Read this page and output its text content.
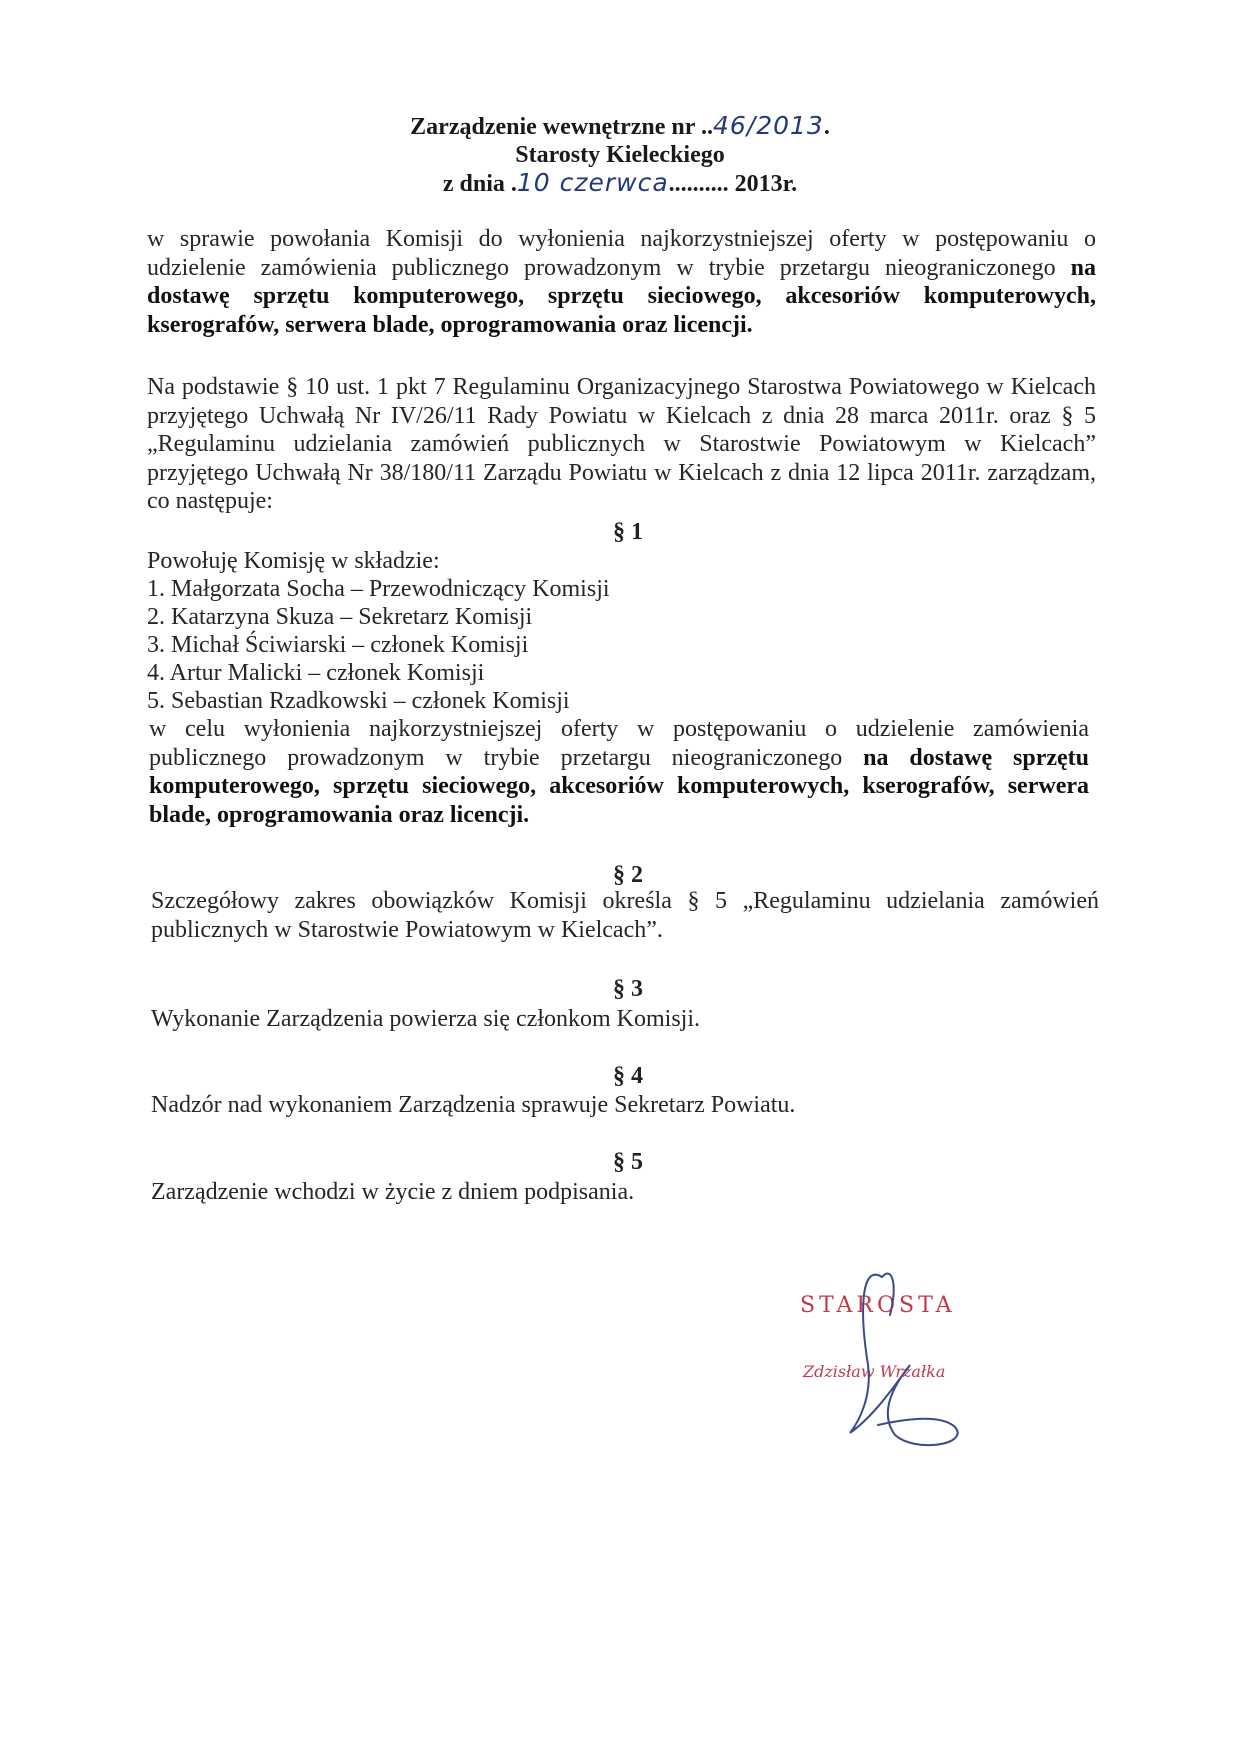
Zarządzenie wewnętrzne nr ..46/2013.
Starosty Kieleckiego
z dnia .10 czerwca.......... 2013r.
w sprawie powołania Komisji do wyłonienia najkorzystniejszej oferty w postępowaniu o udzielenie zamówienia publicznego prowadzonym w trybie przetargu nieograniczonego na dostawę sprzętu komputerowego, sprzętu sieciowego, akcesoriów komputerowych, kserografów, serwera blade, oprogramowania oraz licencji.
Na podstawie § 10 ust. 1 pkt 7 Regulaminu Organizacyjnego Starostwa Powiatowego w Kielcach przyjętego Uchwałą Nr IV/26/11 Rady Powiatu w Kielcach z dnia 28 marca 2011r. oraz § 5 „Regulaminu udzielania zamówień publicznych w Starostwie Powiatowym w Kielcach” przyjętego Uchwałą Nr 38/180/11 Zarządu Powiatu w Kielcach z dnia 12 lipca 2011r. zarządzam, co następuje:
§ 1
Powołuję Komisję w składzie:
1. Małgorzata Socha – Przewodniczący Komisji
2. Katarzyna Skuza – Sekretarz Komisji
3. Michał Ściwiarski – członek Komisji
4. Artur Malicki – członek Komisji
5. Sebastian Rzadkowski – członek Komisji
w celu wyłonienia najkorzystniejszej oferty w postępowaniu o udzielenie zamówienia publicznego prowadzonym w trybie przetargu nieograniczonego na dostawę sprzętu komputerowego, sprzętu sieciowego, akcesoriów komputerowych, kserografów, serwera blade, oprogramowania oraz licencji.
§ 2
Szczegółowy zakres obowiązków Komisji określa § 5 „Regulaminu udzielania zamówień publicznych w Starostwie Powiatowym w Kielcach”.
§ 3
Wykonanie Zarządzenia powierza się członkom Komisji.
§ 4
Nadzór nad wykonaniem Zarządzenia sprawuje Sekretarz Powiatu.
§ 5
Zarządzenie wchodzi w życie z dniem podpisania.
STAROSTA
Zdzisław Wrzałka
